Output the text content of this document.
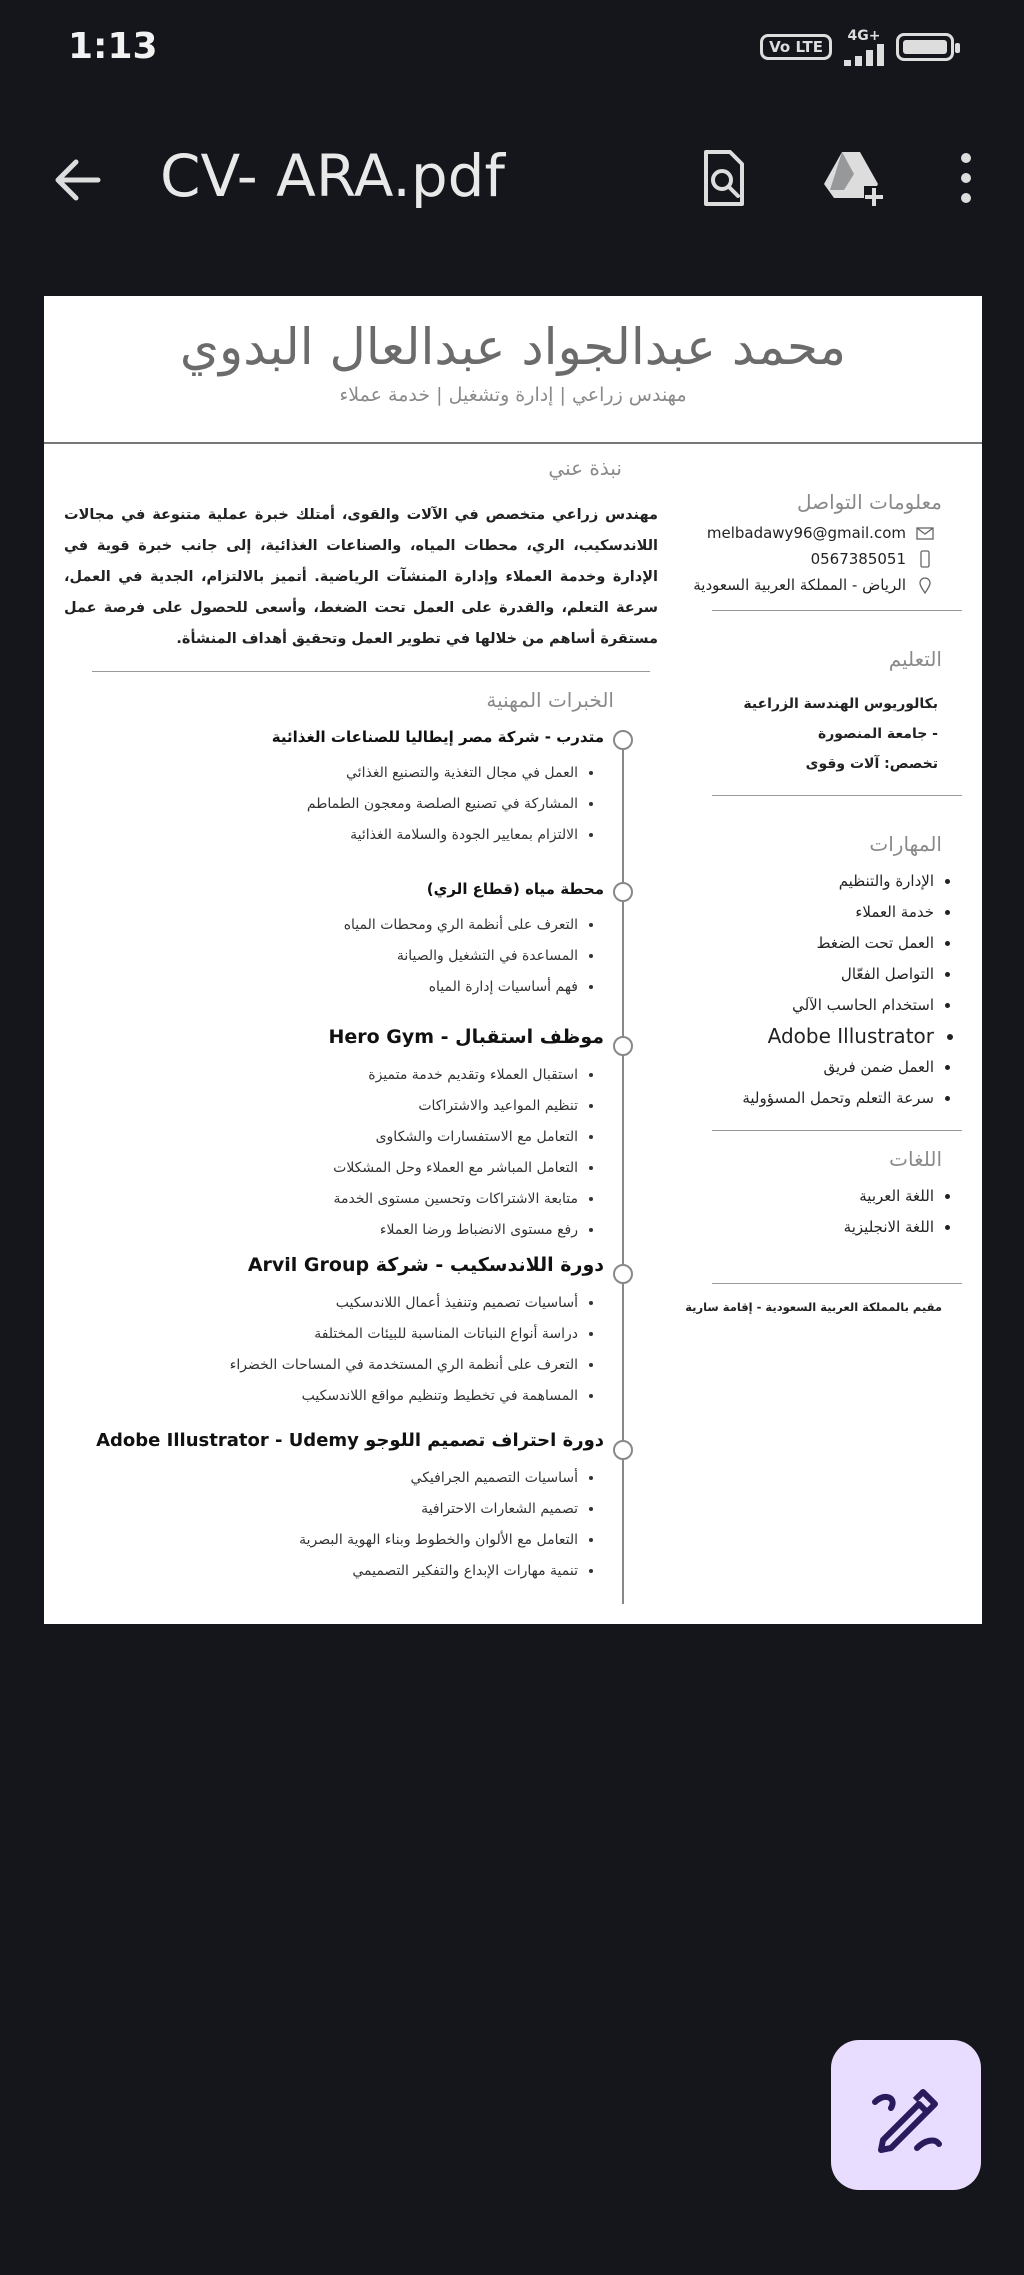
1:13	Vo LTE
4G+
CV- ARA.pdf
محمد عبدالجواد عبدالعال البدوي
مهندس زراعي | إدارة وتشغيل | خدمة عملاء
معلومات التواصل
melbadawy96@gmail.com
0567385051
الرياض - المملكة العربية السعودية
التعليم
بكالوريوس الهندسة الزراعية - جامعة المنصورة
تخصص: آلات وقوى
المهارات
• الإدارة والتنظيم
• خدمة العملاء
• العمل تحت الضغط
• التواصل الفعّال
• استخدام الحاسب الآلي
• Adobe Illustrator
• العمل ضمن فريق
• سرعة التعلم وتحمل المسؤولية
اللغات
• اللغة العربية
• اللغة الانجليزية
مقيم بالمملكة العربية السعودية - إقامة سارية
نبذة عني
مهندس زراعي متخصص في الآلات والقوى، أمتلك خبرة عملية متنوعة في مجالات اللاندسكيب، الري، محطات المياه، والصناعات الغذائية، إلى جانب خبرة قوية في الإدارة وخدمة العملاء وإدارة المنشآت الرياضية. أتميز بالالتزام، الجدية في العمل، سرعة التعلم، والقدرة على العمل تحت الضغط، وأسعى للحصول على فرصة عمل مستقرة أساهم من خلالها في تطوير العمل وتحقيق أهداف المنشأة.
الخبرات المهنية
متدرب - شركة مصر إيطاليا للصناعات الغذائية
• العمل في مجال التغذية والتصنيع الغذائي
• المشاركة في تصنيع الصلصة ومعجون الطماطم
• الالتزام بمعايير الجودة والسلامة الغذائية
محطة مياه (قطاع الري)
• التعرف على أنظمة الري ومحطات المياه
• المساعدة في التشغيل والصيانة
• فهم أساسيات إدارة المياه
موظف استقبال - Hero Gym
• استقبال العملاء وتقديم خدمة متميزة
• تنظيم المواعيد والاشتراكات
• التعامل مع الاستفسارات والشكاوى
• التعامل المباشر مع العملاء وحل المشكلات
• متابعة الاشتراكات وتحسين مستوى الخدمة
• رفع مستوى الانضباط ورضا العملاء
دورة اللاندسكيب - شركة Arvil Group
• أساسيات تصميم وتنفيذ أعمال اللاندسكيب
• دراسة أنواع النباتات المناسبة للبيئات المختلفة
• التعرف على أنظمة الري المستخدمة في المساحات الخضراء
• المساهمة في تخطيط وتنظيم مواقع اللاندسكيب
دورة احتراف تصميم اللوجو Adobe Illustrator - Udemy
• أساسيات التصميم الجرافيكي
• تصميم الشعارات الاحترافية
• التعامل مع الألوان والخطوط وبناء الهوية البصرية
• تنمية مهارات الإبداع والتفكير التصميمي
